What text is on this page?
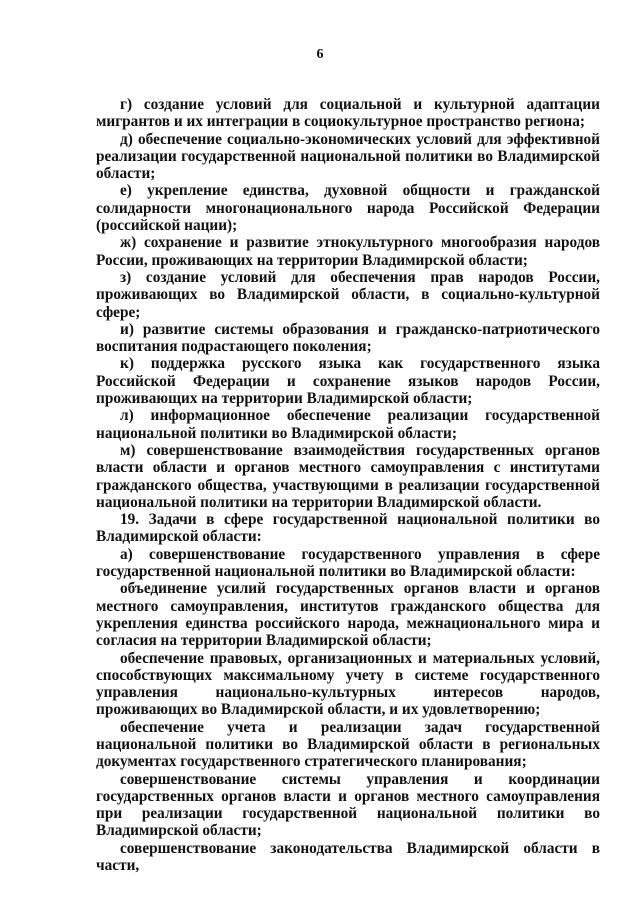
6

г) создание условий для социальной и культурной адаптации мигрантов и их интеграции в социокультурное пространство региона;

д) обеспечение социально-экономических условий для эффективной реализации государственной национальной политики во Владимирской области;

е) укрепление единства, духовной общности и гражданской солидарности многонационального народа Российской Федерации (российской нации);

ж) сохранение и развитие этнокультурного многообразия народов России, проживающих на территории Владимирской области;

з) создание условий для обеспечения прав народов России, проживающих во Владимирской области, в социально-культурной сфере;

и) развитие системы образования и гражданско-патриотического воспитания подрастающего поколения;

к) поддержка русского языка как государственного языка Российской Федерации и сохранение языков народов России, проживающих на территории Владимирской области;

л) информационное обеспечение реализации государственной национальной политики во Владимирской области;

м) совершенствование взаимодействия государственных органов власти области и органов местного самоуправления с институтами гражданского общества, участвующими в реализации государственной национальной политики на территории Владимирской области.

19. Задачи в сфере государственной национальной политики во Владимирской области:

а) совершенствование государственного управления в сфере государственной национальной политики во Владимирской области:

объединение усилий государственных органов власти и органов местного самоуправления, институтов гражданского общества для укрепления единства российского народа, межнационального мира и согласия на территории Владимирской области;

обеспечение правовых, организационных и материальных условий, способствующих максимальному учету в системе государственного управления национально-культурных интересов народов, проживающих во Владимирской области, и их удовлетворению;

обеспечение учета и реализации задач государственной национальной политики во Владимирской области в региональных документах государственного стратегического планирования;

совершенствование системы управления и координации государственных органов власти и органов местного самоуправления при реализации государственной национальной политики во Владимирской области;

совершенствование законодательства Владимирской области в части,
